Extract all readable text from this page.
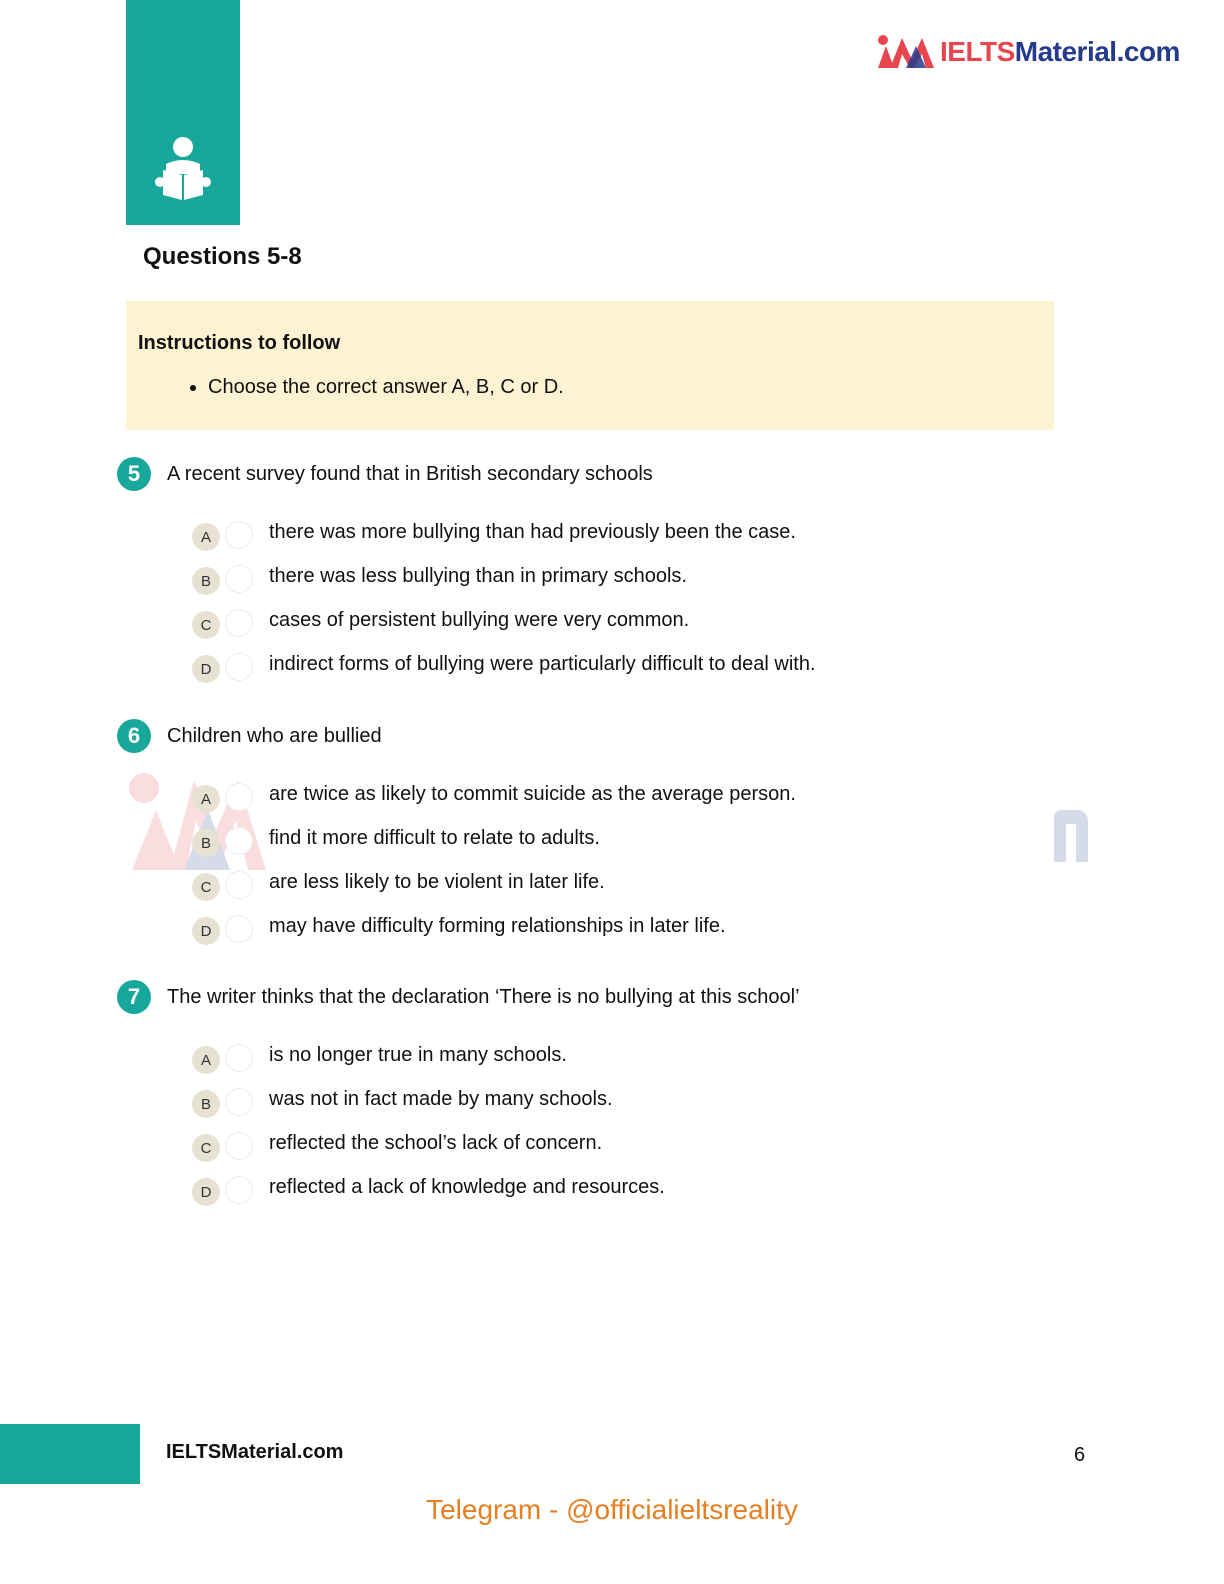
IELTSMaterial.com
Questions 5-8
Instructions to follow
• Choose the correct answer A, B, C or D.
5	A recent survey found that in British secondary schools
A	there was more bullying than had previously been the case.
B	there was less bullying than in primary schools.
C	cases of persistent bullying were very common.
D	indirect forms of bullying were particularly difficult to deal with.
6	Children who are bullied
A	are twice as likely to commit suicide as the average person.
B	find it more difficult to relate to adults.
C	are less likely to be violent in later life.
D	may have difficulty forming relationships in later life.
7	The writer thinks that the declaration ‘There is no bullying at this school’
A	is no longer true in many schools.
B	was not in fact made by many schools.
C	reflected the school’s lack of concern.
D	reflected a lack of knowledge and resources.
IELTSMaterial.com	6
Telegram - @officialieltsreality
